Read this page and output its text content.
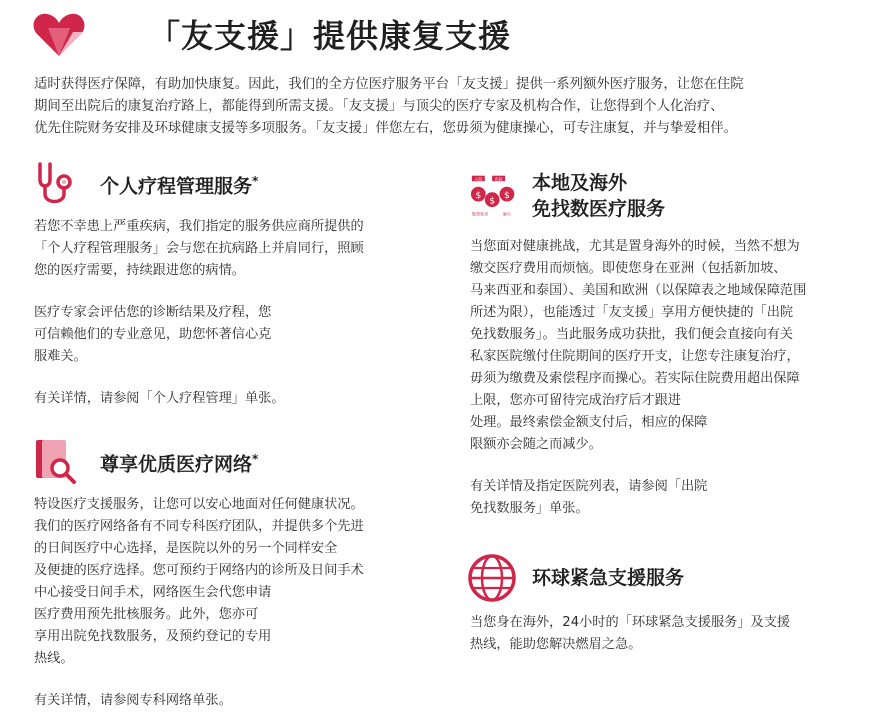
「友支援」提供康复支援

适时获得医疗保障，有助加快康复。因此，我们的全方位医疗服务平台「友支援」提供一系列额外医疗服务，让您在住院

期间至出院后的康复治疗路上，都能得到所需支援。「友支援」与顶尖的医疗专家及机构合作，让您得到个人化治疗、

优先住院财务安排及环球健康支援等多项服务。「友支援」伴您左右，您毋须为健康操心，可专注康复，并与挚爱相伴。

个人疗程管理服务*

若您不幸患上严重疾病，我们指定的服务供应商所提供的
「个人疗程管理服务」会与您在抗病路上并肩同行，照顾
您的医疗需要，持续跟进您的病情。

医疗专家会评估您的诊断结果及疗程，您
可信赖他们的专业意见，助您怀著信心克
服难关。

有关详情，请参阅「个人疗程管理」单张。

尊享优质医疗网络*

特设医疗支援服务，让您可以安心地面对任何健康状况。
我们的医疗网络备有不同专科医疗团队，并提供多个先进
的日间医疗中心选择，是医院以外的另一个同样安全
及便捷的医疗选择。您可预约于网络内的诊所及日间手术
中心接受日间手术，网络医生会代您申请
医疗费用预先批核服务。此外，您亦可
享用出院免找数服务，及预约登记的专用
热线。

有关详情，请参阅专科网络单张。

入院	出院
$
$
$
缴费账单	确实
本地及海外
免找数医疗服务

当您面对健康挑战，尤其是置身海外的时候，当然不想为
缴交医疗费用而烦恼。即使您身在亚洲（包括新加坡、
马来西亚和泰国）、美国和欧洲（以保障表之地域保障范围
所述为限），也能透过「友支援」享用方便快捷的「出院
免找数服务」。当此服务成功获批，我们便会直接向有关
私家医院缴付住院期间的医疗开支，让您专注康复治疗，
毋须为缴费及索偿程序而操心。若实际住院费用超出保障
上限，您亦可留待完成治疗后才跟进
处理。最终索偿金额支付后，相应的保障
限额亦会随之而减少。

有关详情及指定医院列表，请参阅「出院
免找数服务」单张。

环球紧急支援服务

当您身在海外，24小时的「环球紧急支援服务」及支援
热线，能助您解决燃眉之急。
